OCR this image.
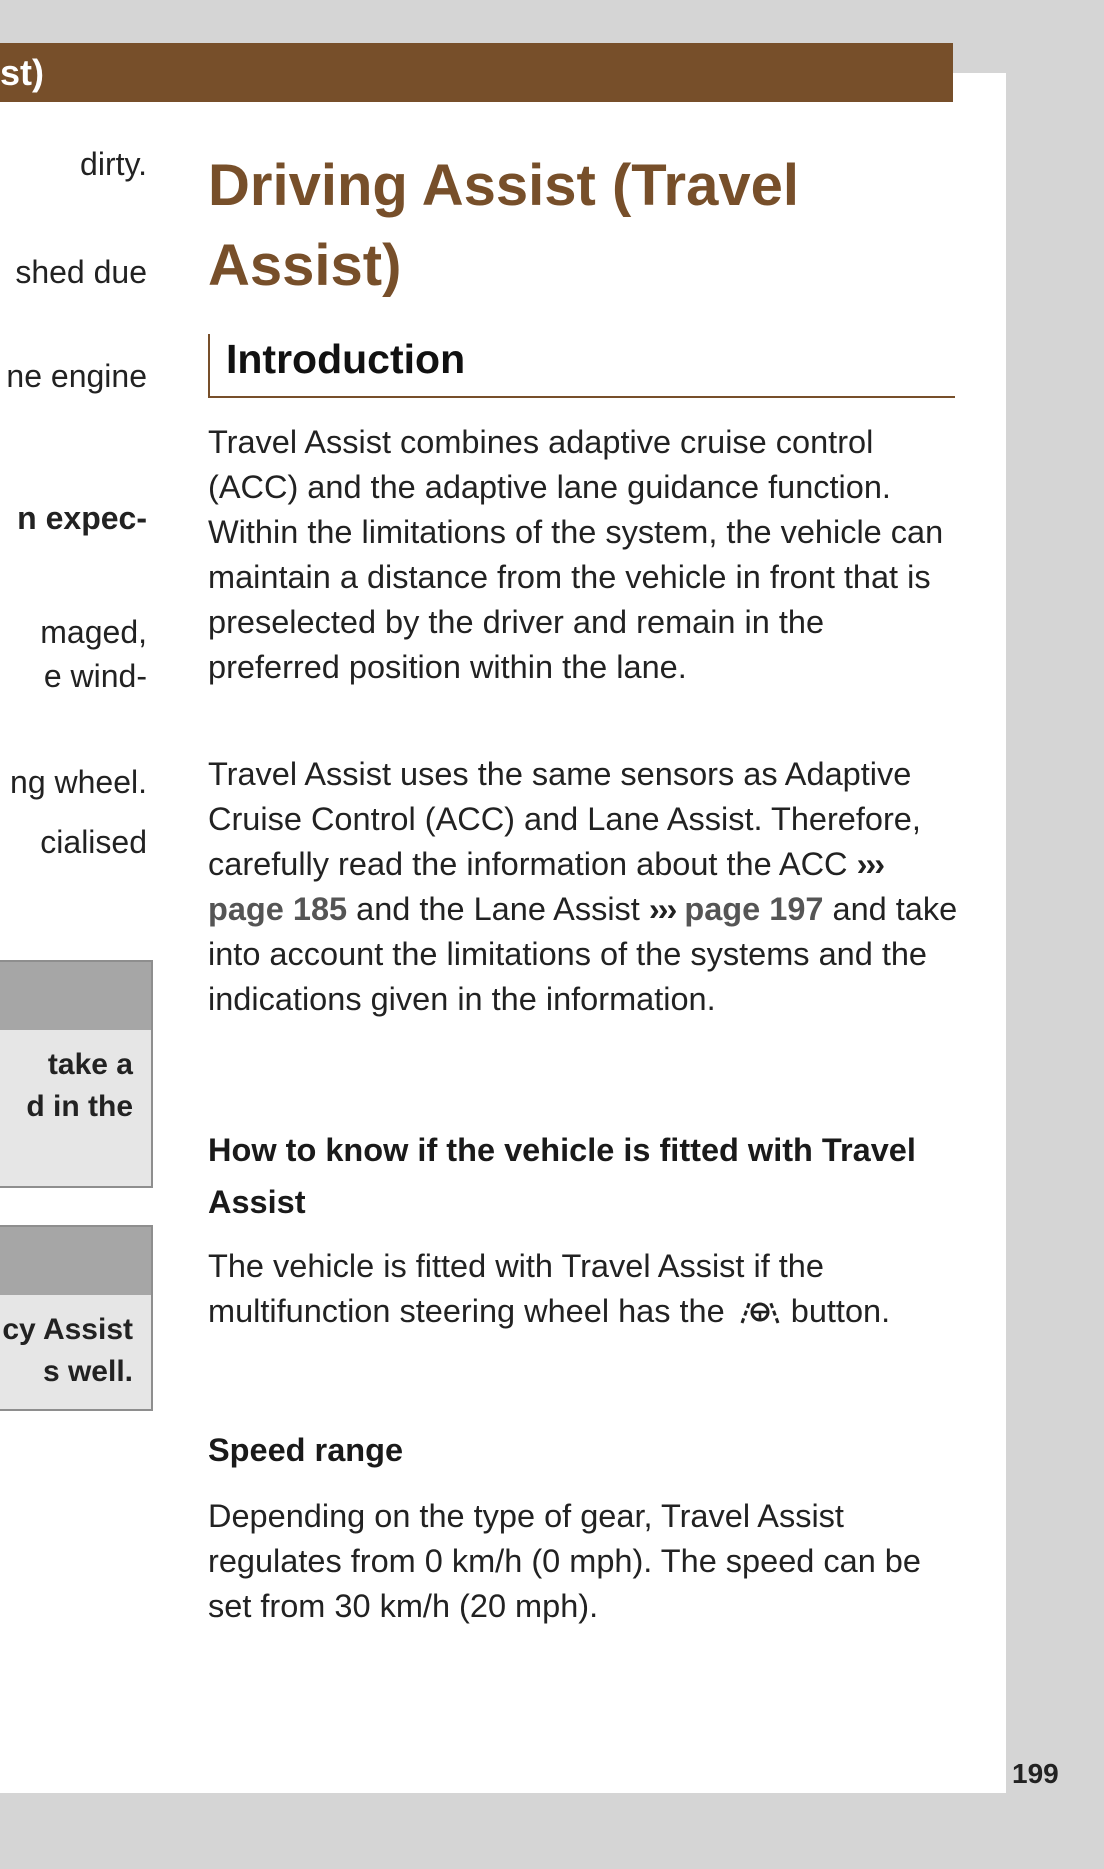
st)
dirty.
shed due
ne engine
n expec-
maged,
e wind-
ng wheel.
cialised
take a
d in the
cy Assist
s well.
Driving Assist (Travel Assist)
Introduction

Travel Assist combines adaptive cruise control (ACC) and the adaptive lane guidance function. Within the limitations of the system, the vehicle can maintain a distance from the vehicle in front that is preselected by the driver and remain in the preferred position within the lane.

Travel Assist uses the same sensors as Adaptive Cruise Control (ACC) and Lane Assist. Therefore, carefully read the information about the ACC ››› page 185 and the Lane Assist ››› page 197 and take into account the limitations of the systems and the indications given in the information.

How to know if the vehicle is fitted with Travel Assist

The vehicle is fitted with Travel Assist if the multifunction steering wheel has the button.

Speed range

Depending on the type of gear, Travel Assist regulates from 0 km/h (0 mph). The speed can be set from 30 km/h (20 mph).

199
